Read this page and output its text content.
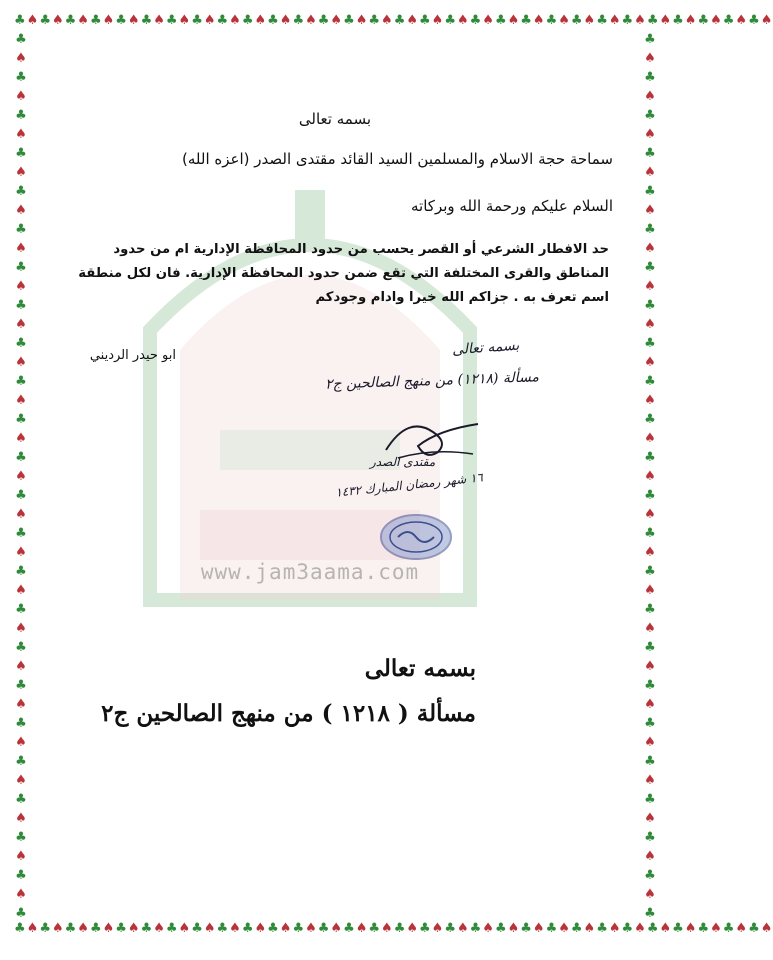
♣♠♣♠♣♠♣♠♣♠♣♠♣♠♣♠♣♠♣♠♣♠♣♠♣♠♣♠♣♠♣♠♣♠♣♠♣♠♣♠♣♠♣♠♣♠♣♠♣♠♣♠♣♠♣♠♣♠♣♠
♣♠♣♠♣♠♣♠♣♠♣♠♣♠♣♠♣♠♣♠♣♠♣♠♣♠♣♠♣♠♣♠♣♠♣♠♣♠♣♠♣♠♣♠♣♠♣♠♣♠♣♠♣♠♣♠♣♠♣♠
♣
♠
♣
♠
♣
♠
♣
♠
♣
♠
♣
♠
♣
♠
♣
♠
♣
♠
♣
♠
♣
♠
♣
♠
♣
♠
♣
♠
♣
♠
♣
♠
♣
♠
♣
♠
♣
♠
♣
♠
♣
♠
♣
♠
♣
♠
♣
♣
♠
♣
♠
♣
♠
♣
♠
♣
♠
♣
♠
♣
♠
♣
♠
♣
♠
♣
♠
♣
♠
♣
♠
♣
♠
♣
♠
♣
♠
♣
♠
♣
♠
♣
♠
♣
♠
♣
♠
♣
♠
♣
♠
♣
♠
♣
www.jam3aama.com
بسمه تعالى
سماحة حجة الاسلام والمسلمين السيد القائد مقتدى الصدر (اعزه الله)
السلام عليكم ورحمة الله وبركاته
حد الافطار الشرعي أو القصر يحسب من حدود المحافظة الإدارية ام من حدود
المناطق والقرى المختلفة التي تقع ضمن حدود المحافظة الإدارية. فان لكل منطقة
اسم تعرف به . جزاكم الله خيرا وادام وجودكم
ابو حيدر الرديني	بسمه تعالى
مسألة (١٢١٨) من منهج الصالحين ج٢
مقتدى الصدر
١٦ شهر رمضان المبارك ١٤٣٢
بسمه تعالى
مسألة ( ١٢١٨ ) من منهج الصالحين ج٢
